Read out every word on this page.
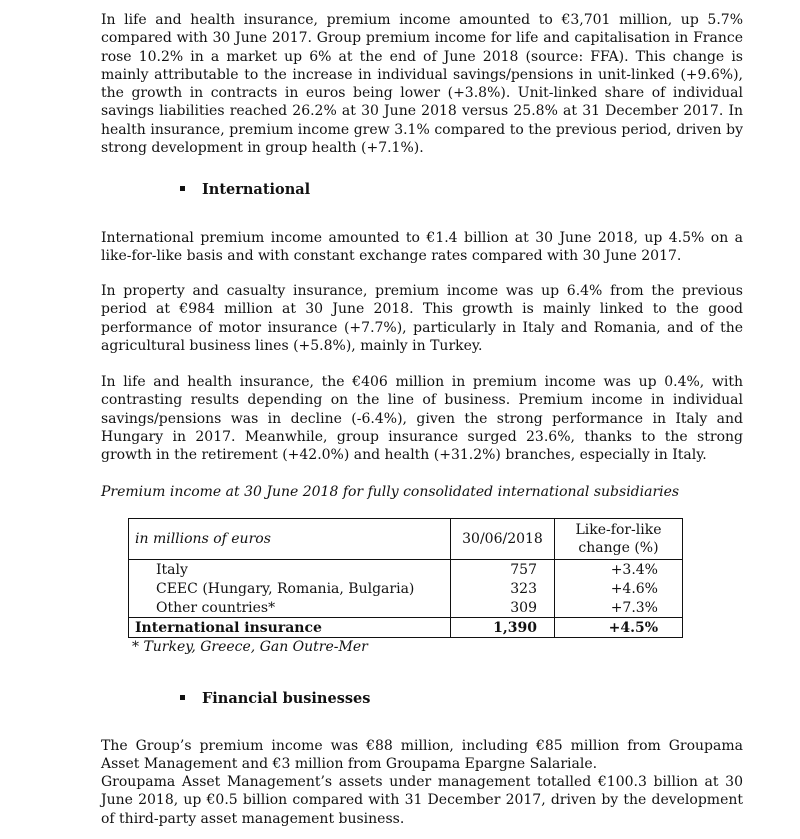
In life and health insurance, premium income amounted to €3,701 million, up 5.7% compared with 30 June 2017. Group premium income for life and capitalisation in France rose 10.2% in a market up 6% at the end of June 2018 (source: FFA). This change is mainly attributable to the increase in individual savings/pensions in unit-linked (+9.6%), the growth in contracts in euros being lower (+3.8%). Unit-linked share of individual savings liabilities reached 26.2% at 30 June 2018 versus 25.8% at 31 December 2017. In health insurance, premium income grew 3.1% compared to the previous period, driven by strong development in group health (+7.1%).

International

International premium income amounted to €1.4 billion at 30 June 2018, up 4.5% on a like-for-like basis and with constant exchange rates compared with 30 June 2017.

In property and casualty insurance, premium income was up 6.4% from the previous period at €984 million at 30 June 2018. This growth is mainly linked to the good performance of motor insurance (+7.7%), particularly in Italy and Romania, and of the agricultural business lines (+5.8%), mainly in Turkey.

In life and health insurance, the €406 million in premium income was up 0.4%, with contrasting results depending on the line of business. Premium income in individual savings/pensions was in decline (-6.4%), given the strong performance in Italy and Hungary in 2017. Meanwhile, group insurance surged 23.6%, thanks to the strong growth in the retirement (+42.0%) and health (+31.2%) branches, especially in Italy.

Premium income at 30 June 2018 for fully consolidated international subsidiaries
in millions of euros	30/06/2018	Like-for-like
change (%)

Italy	757	+3.4%
CEEC (Hungary, Romania, Bulgaria)	323	+4.6%
Other countries*	309	+7.3%
International insurance	1,390	+4.5%
* Turkey, Greece, Gan Outre-Mer
Financial businesses

The Group’s premium income was €88 million, including €85 million from Groupama Asset Management and €3 million from Groupama Epargne Salariale.

Groupama Asset Management’s assets under management totalled €100.3 billion at 30 June 2018, up €0.5 billion compared with 31 December 2017, driven by the development of third-party asset management business.
